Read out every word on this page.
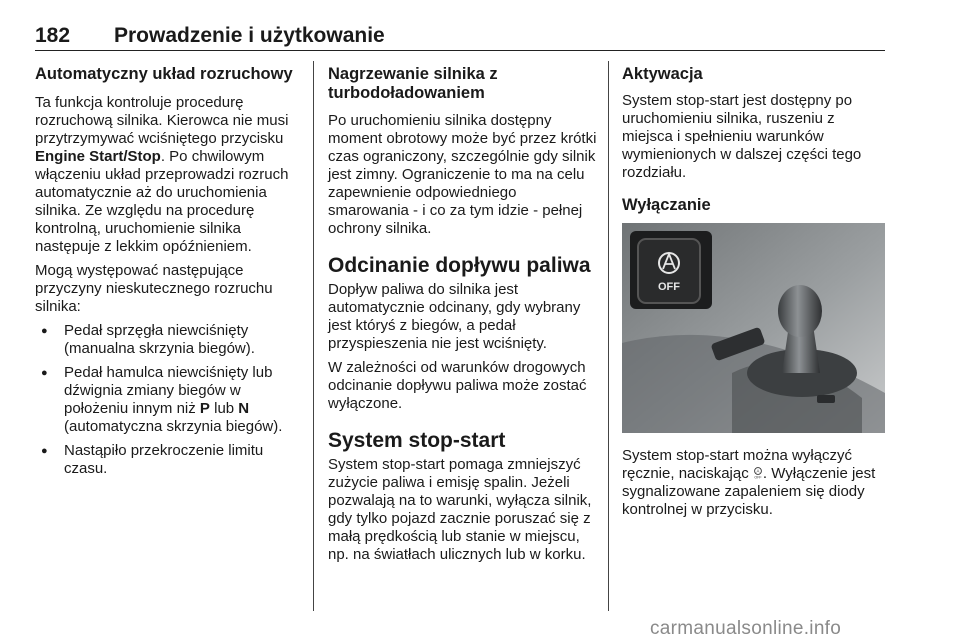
182 Prowadzenie i użytkowanie
Automatyczny układ rozruchowy

Ta funkcja kontroluje procedurę rozruchową silnika. Kierowca nie musi przytrzymywać wciśniętego przycisku Engine Start/Stop. Po chwilowym włączeniu układ przeprowadzi rozruch automatycznie aż do uruchomienia silnika. Ze względu na procedurę kontrolną, uruchomienie silnika następuje z lekkim opóźnieniem.

Mogą występować następujące przyczyny nieskutecznego rozruchu silnika:

● Pedał sprzęgła niewciśnięty (manualna skrzynia biegów).
● Pedał hamulca niewciśnięty lub dźwignia zmiany biegów w położeniu innym niż P lub N (automatyczna skrzynia biegów).
● Nastąpiło przekroczenie limitu czasu.
Nagrzewanie silnika z turbodoładowaniem

Po uruchomieniu silnika dostępny moment obrotowy może być przez krótki czas ograniczony, szczególnie gdy silnik jest zimny. Ograniczenie to ma na celu zapewnienie odpowiedniego smarowania - i co za tym idzie - pełnej ochrony silnika.

Odcinanie dopływu paliwa

Dopływ paliwa do silnika jest automatycznie odcinany, gdy wybrany jest któryś z biegów, a pedał przyspieszenia nie jest wciśnięty.

W zależności od warunków drogowych odcinanie dopływu paliwa może zostać wyłączone.

System stop-start

System stop-start pomaga zmniejszyć zużycie paliwa i emisję spalin. Jeżeli pozwalają na to warunki, wyłącza silnik, gdy tylko pojazd zacznie poruszać się z małą prędkością lub stanie w miejscu, np. na światłach ulicznych lub w korku.

Aktywacja

System stop-start jest dostępny po uruchomieniu silnika, ruszeniu z miejsca i spełnieniu warunków wymienionych w dalszej części tego rozdziału.

Wyłączanie
OFF

System stop-start można wyłączyć ręcznie, naciskając A
OFF . Wyłączenie jest sygnalizowane zapaleniem się diody kontrolnej w przycisku.

carmanualsonline.info
